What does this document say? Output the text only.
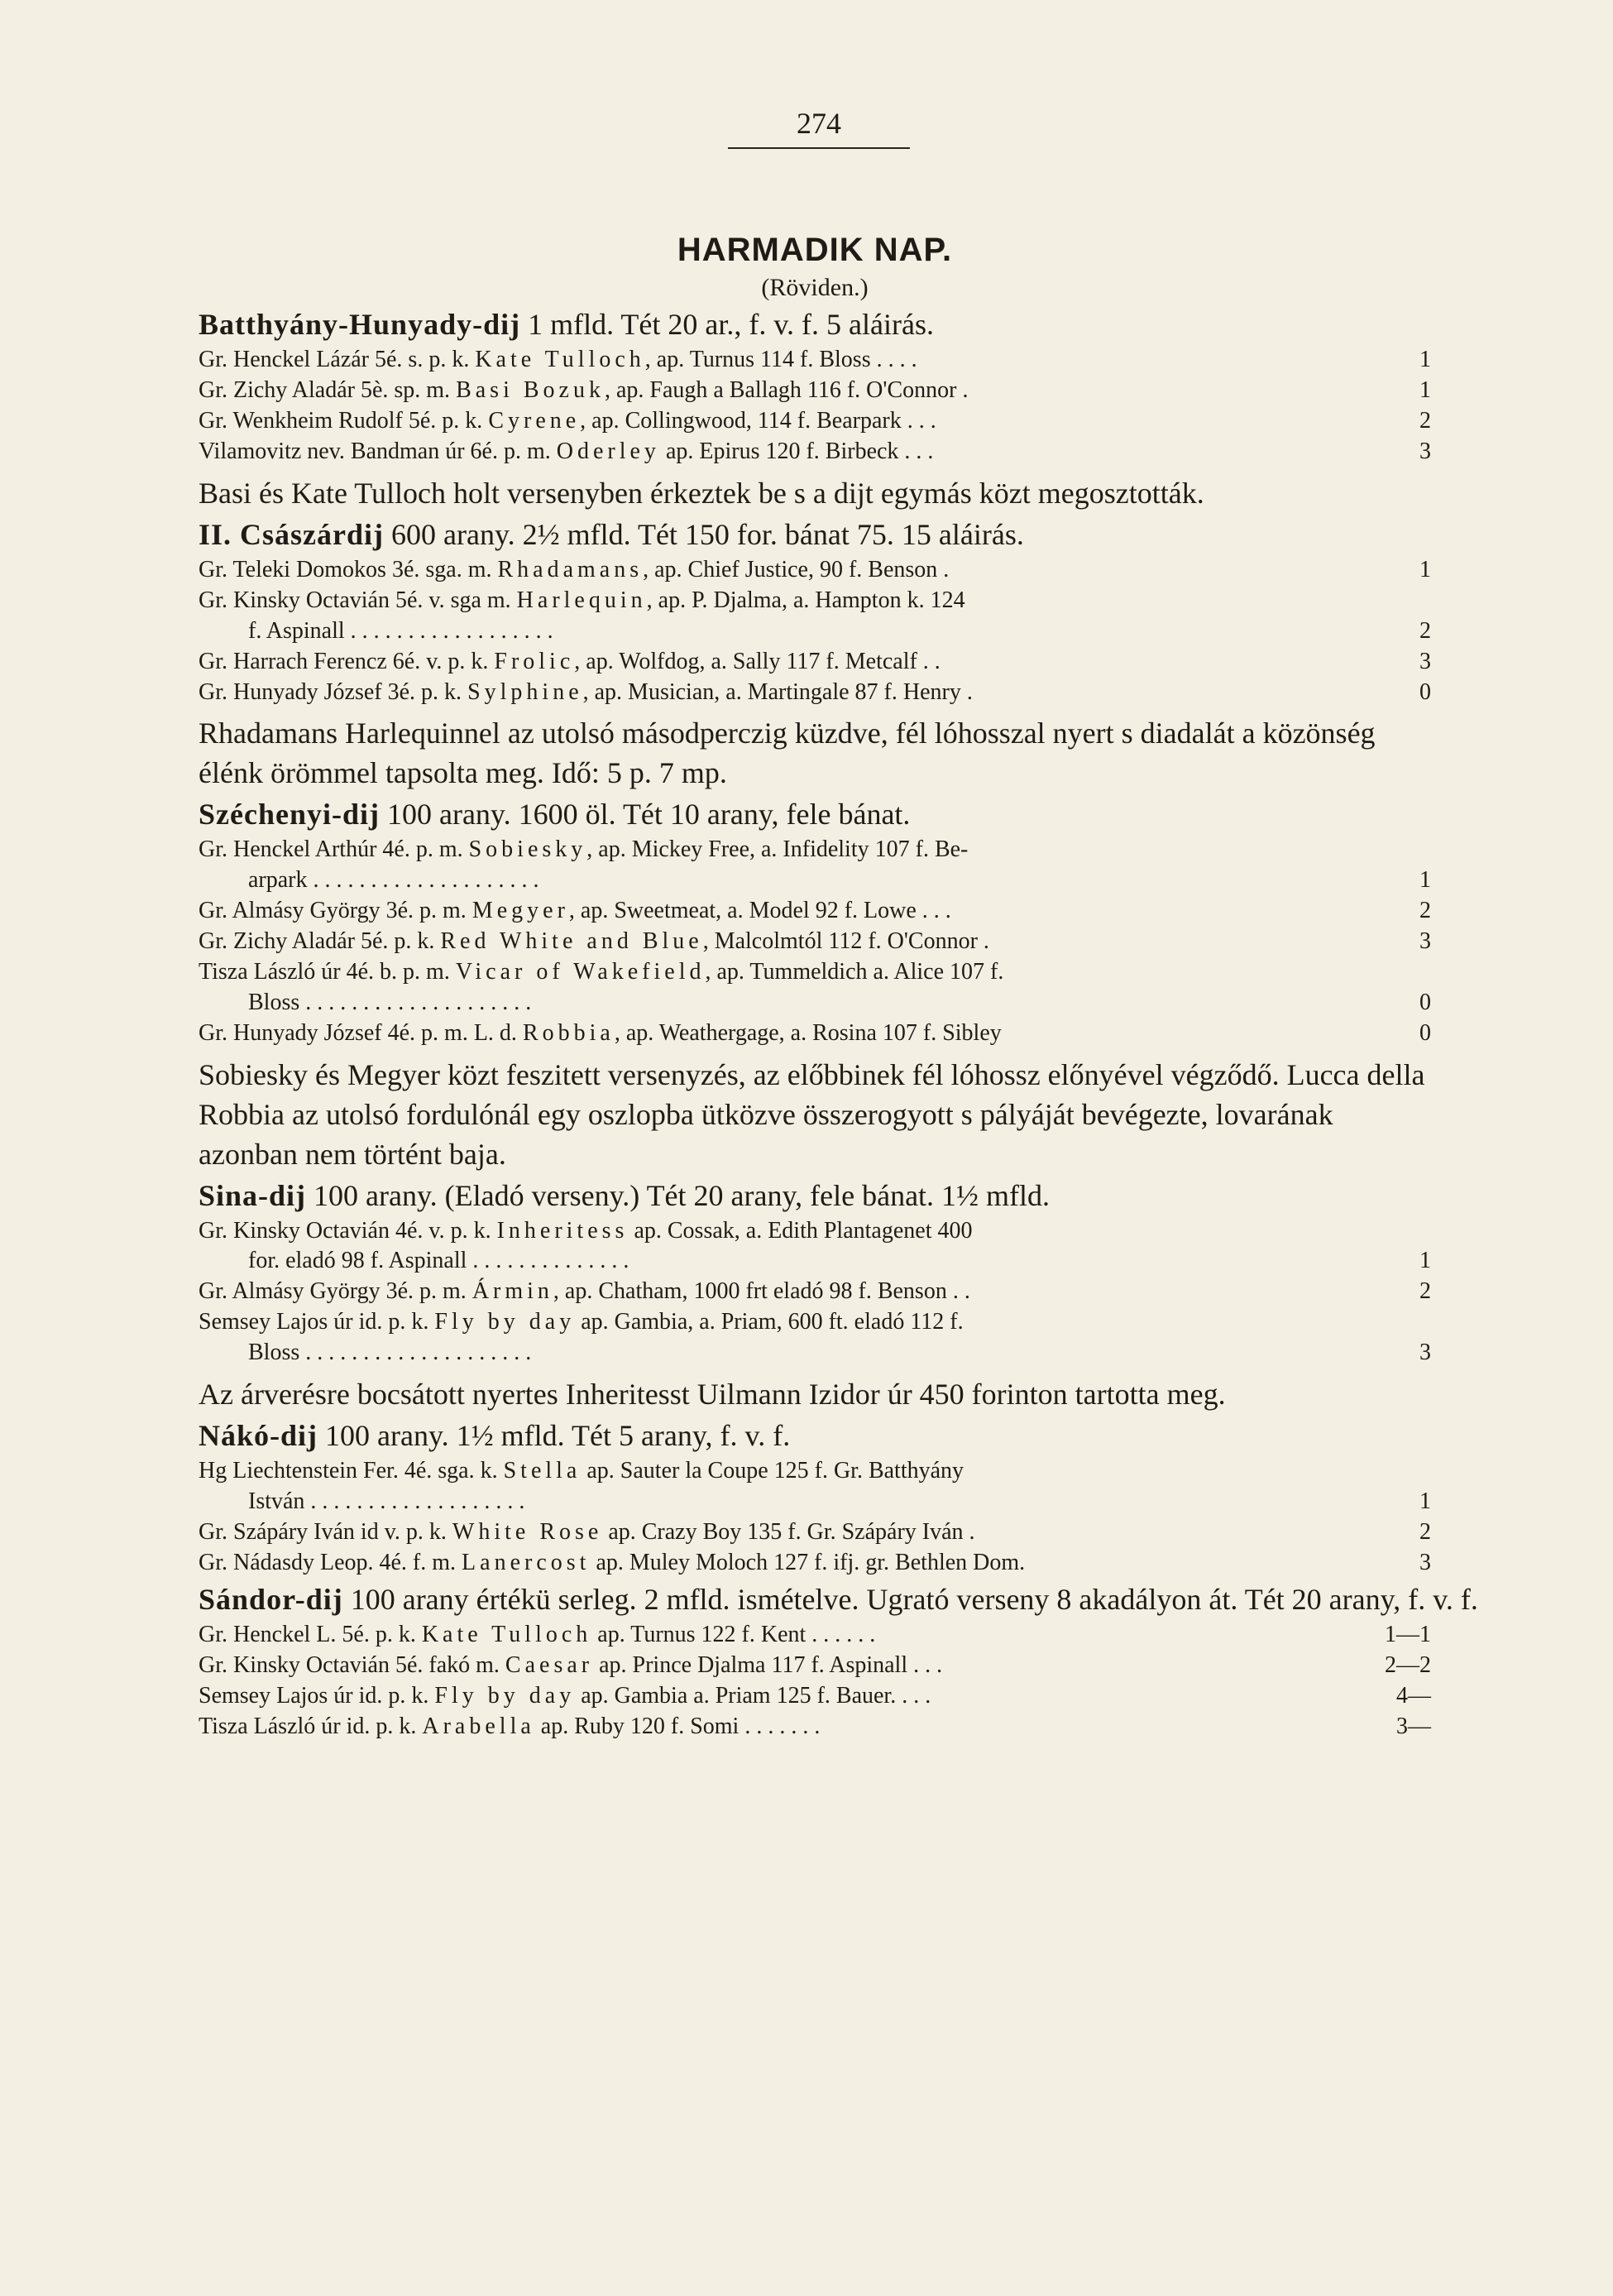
274
HARMADIK NAP.
(Röviden.)
Batthyány-Hunyady-dij 1 mfld. Tét 20 ar., f. v. f. 5 aláirás.
Gr. Henckel Lázár 5é. s. p. k. Kate Tulloch, ap. Turnus 114 f. Bloss . . . .	1
Gr. Zichy Aladár 5è. sp. m. Basi Bozuk, ap. Faugh a Ballagh 116 f. O'Connor .	1
Gr. Wenkheim Rudolf 5é. p. k. Cyrene, ap. Collingwood, 114 f. Bearpark . . .	2
Vilamovitz nev. Bandman úr 6é. p. m. Oderley ap. Epirus 120 f. Birbeck . . .	3
Basi és Kate Tulloch holt versenyben érkeztek be s a dijt egymás közt megosztották.
II. Császárdij 600 arany. 2½ mfld. Tét 150 for. bánat 75. 15 aláirás.
Gr. Teleki Domokos 3é. sga. m. Rhadamans, ap. Chief Justice, 90 f. Benson .	1
Gr. Kinsky Octavián 5é. v. sga m. Harlequin, ap. P. Djalma, a. Hampton k. 124
f. Aspinall . . . . . . . . . . . . . . . . . .	2
Gr. Harrach Ferencz 6é. v. p. k. Frolic, ap. Wolfdog, a. Sally 117 f. Metcalf . .	3
Gr. Hunyady József 3é. p. k. Sylphine, ap. Musician, a. Martingale 87 f. Henry .	0
Rhadamans Harlequinnel az utolsó másodperczig küzdve, fél lóhosszal nyert s diadalát a közönség élénk örömmel tapsolta meg. Idő: 5 p. 7 mp.
Széchenyi-dij 100 arany. 1600 öl. Tét 10 arany, fele bánat.
Gr. Henckel Arthúr 4é. p. m. Sobiesky, ap. Mickey Free, a. Infidelity 107 f. Be-
arpark . . . . . . . . . . . . . . . . . . . .	1
Gr. Almásy György 3é. p. m. Megyer, ap. Sweetmeat, a. Model 92 f. Lowe . . .	2
Gr. Zichy Aladár 5é. p. k. Red White and Blue, Malcolmtól 112 f. O'Connor .	3
Tisza László úr 4é. b. p. m. Vicar of Wakefield, ap. Tummeldich a. Alice 107 f.
Bloss . . . . . . . . . . . . . . . . . . . .	0
Gr. Hunyady József 4é. p. m. L. d. Robbia, ap. Weathergage, a. Rosina 107 f. Sibley	0
Sobiesky és Megyer közt feszitett versenyzés, az előbbinek fél lóhossz előnyével végződő. Lucca della Robbia az utolsó fordulónál egy oszlopba ütközve összerogyott s pályáját bevégezte, lovarának azonban nem történt baja.
Sina-dij 100 arany. (Eladó verseny.) Tét 20 arany, fele bánat. 1½ mfld.
Gr. Kinsky Octavián 4é. v. p. k. Inheritess ap. Cossak, a. Edith Plantagenet 400
for. eladó 98 f. Aspinall . . . . . . . . . . . . . .	1
Gr. Almásy György 3é. p. m. Ármin, ap. Chatham, 1000 frt eladó 98 f. Benson . .	2
Semsey Lajos úr id. p. k. Fly by day ap. Gambia, a. Priam, 600 ft. eladó 112 f.
Bloss . . . . . . . . . . . . . . . . . . . .	3
Az árverésre bocsátott nyertes Inheritesst Uilmann Izidor úr 450 forinton tartotta meg.
Nákó-dij 100 arany. 1½ mfld. Tét 5 arany, f. v. f.
Hg Liechtenstein Fer. 4é. sga. k. Stella ap. Sauter la Coupe 125 f. Gr. Batthyány
István . . . . . . . . . . . . . . . . . . .	1
Gr. Szápáry Iván id v. p. k. White Rose ap. Crazy Boy 135 f. Gr. Szápáry Iván .	2
Gr. Nádasdy Leop. 4é. f. m. Lanercost ap. Muley Moloch 127 f. ifj. gr. Bethlen Dom.	3
Sándor-dij 100 arany értékü serleg. 2 mfld. ismételve. Ugrató verseny 8 akadályon át. Tét 20 arany, f. v. f.
Gr. Henckel L. 5é. p. k. Kate Tulloch ap. Turnus 122 f. Kent . . . . . .	1—1
Gr. Kinsky Octavián 5é. fakó m. Caesar ap. Prince Djalma 117 f. Aspinall . . .	2—2
Semsey Lajos úr id. p. k. Fly by day ap. Gambia a. Priam 125 f. Bauer. . . .	4—
Tisza László úr id. p. k. Arabella ap. Ruby 120 f. Somi . . . . . . .	3—
